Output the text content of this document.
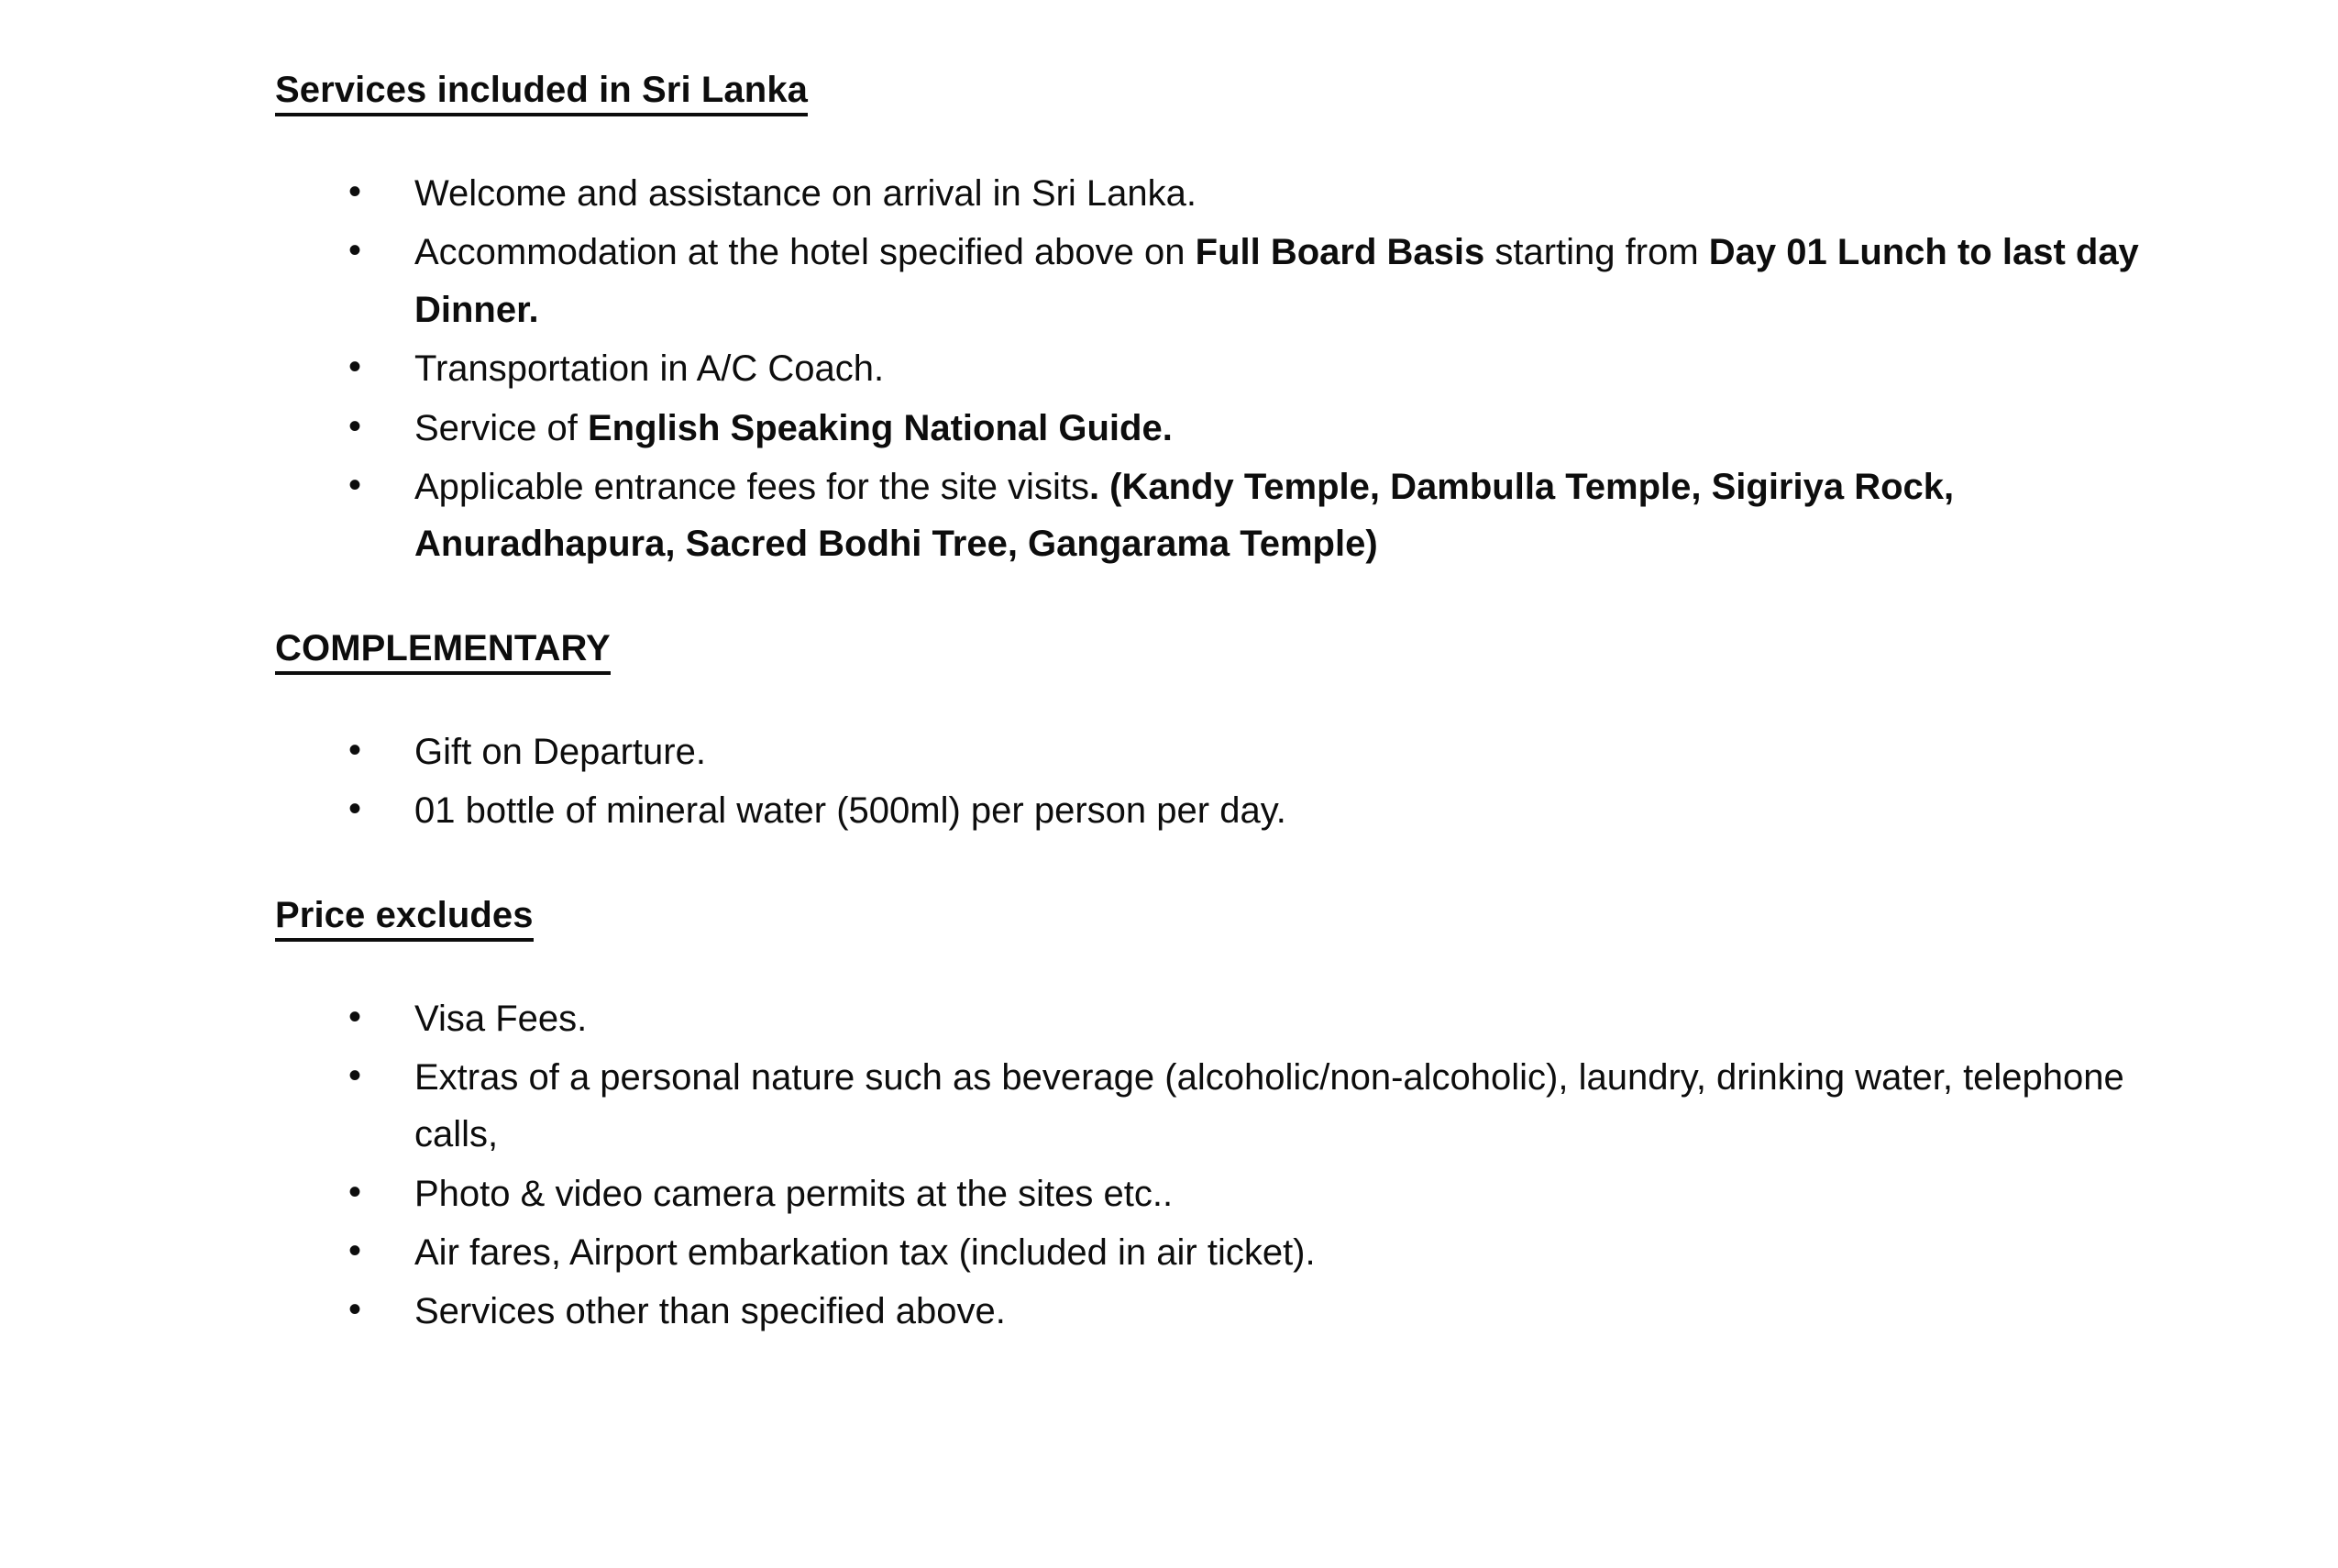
Services included in Sri Lanka
• Welcome and assistance on arrival in Sri Lanka.
• Accommodation at the hotel specified above on Full Board Basis starting from Day 01 Lunch to last day Dinner.
• Transportation in A/C Coach.
• Service of English Speaking National Guide.
• Applicable entrance fees for the site visits. (Kandy Temple, Dambulla Temple, Sigiriya Rock, Anuradhapura, Sacred Bodhi Tree, Gangarama Temple)
COMPLEMENTARY
• Gift on Departure.
• 01 bottle of mineral water (500ml) per person per day.
Price excludes
• Visa Fees.
• Extras of a personal nature such as beverage (alcoholic/non-alcoholic), laundry, drinking water, telephone calls,
• Photo & video camera permits at the sites etc..
• Air fares, Airport embarkation tax (included in air ticket).
• Services other than specified above.
